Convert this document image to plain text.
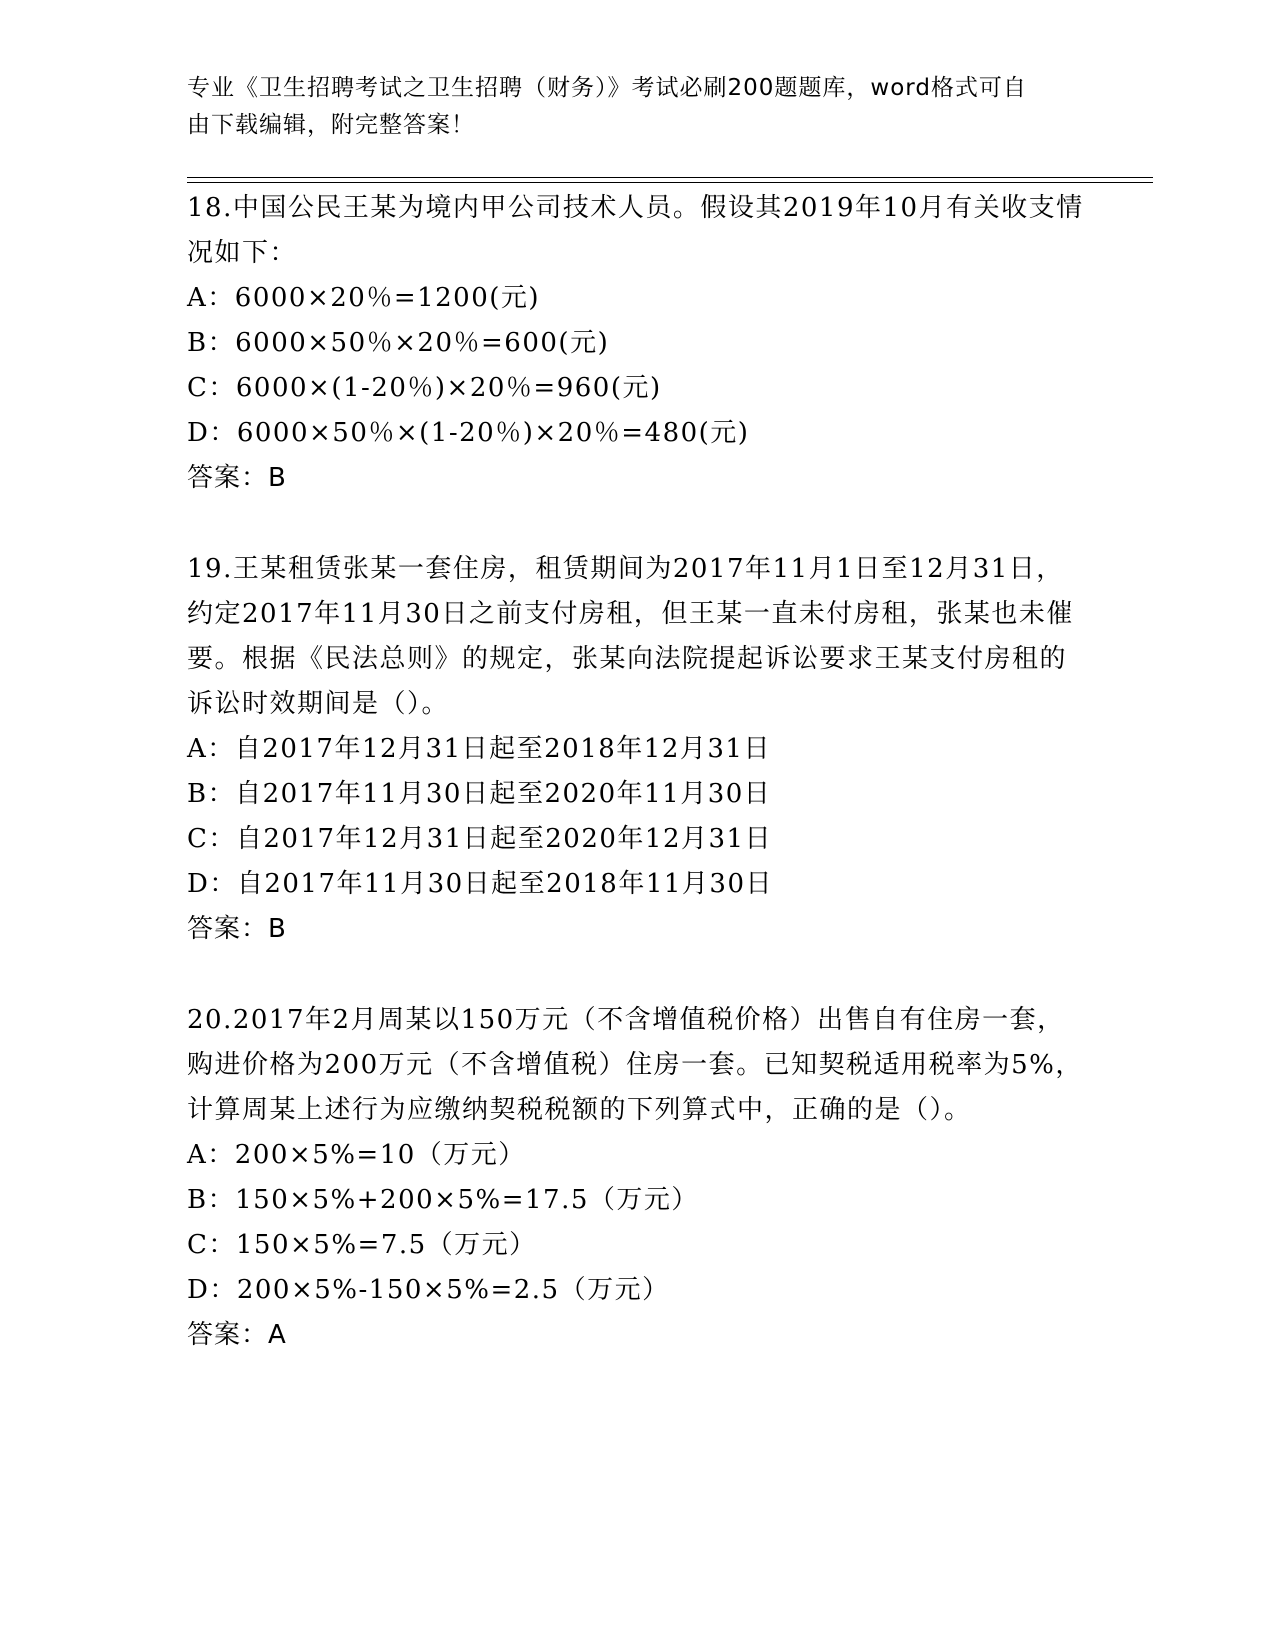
专业《卫生招聘考试之卫生招聘（财务）》考试必刷200题题库，word格式可自
由下载编辑，附完整答案！

18.中国公民王某为境内甲公司技术人员。假设其2019年10月有关收支情况如下：

A：6000×20％=1200(元)

B：6000×50％×20％=600(元)

C：6000×(1-20％)×20％=960(元)

D：6000×50％×(1-20％)×20％=480(元)

答案：B

19.王某租赁张某一套住房，租赁期间为2017年11月1日至12月31日，约定2017年11月30日之前支付房租，但王某一直未付房租，张某也未催要。根据《民法总则》的规定，张某向法院提起诉讼要求王某支付房租的诉讼时效期间是（）。

A：自2017年12月31日起至2018年12月31日

B：自2017年11月30日起至2020年11月30日

C：自2017年12月31日起至2020年12月31日

D：自2017年11月30日起至2018年11月30日

答案：B

20.2017年2月周某以150万元（不含增值税价格）出售自有住房一套，购进价格为200万元（不含增值税）住房一套。已知契税适用税率为5%，计算周某上述行为应缴纳契税税额的下列算式中，正确的是（）。

A：200×5%=10（万元）

B：150×5%+200×5%=17.5（万元）

C：150×5%=7.5（万元）

D：200×5%-150×5%=2.5（万元）

答案：A
